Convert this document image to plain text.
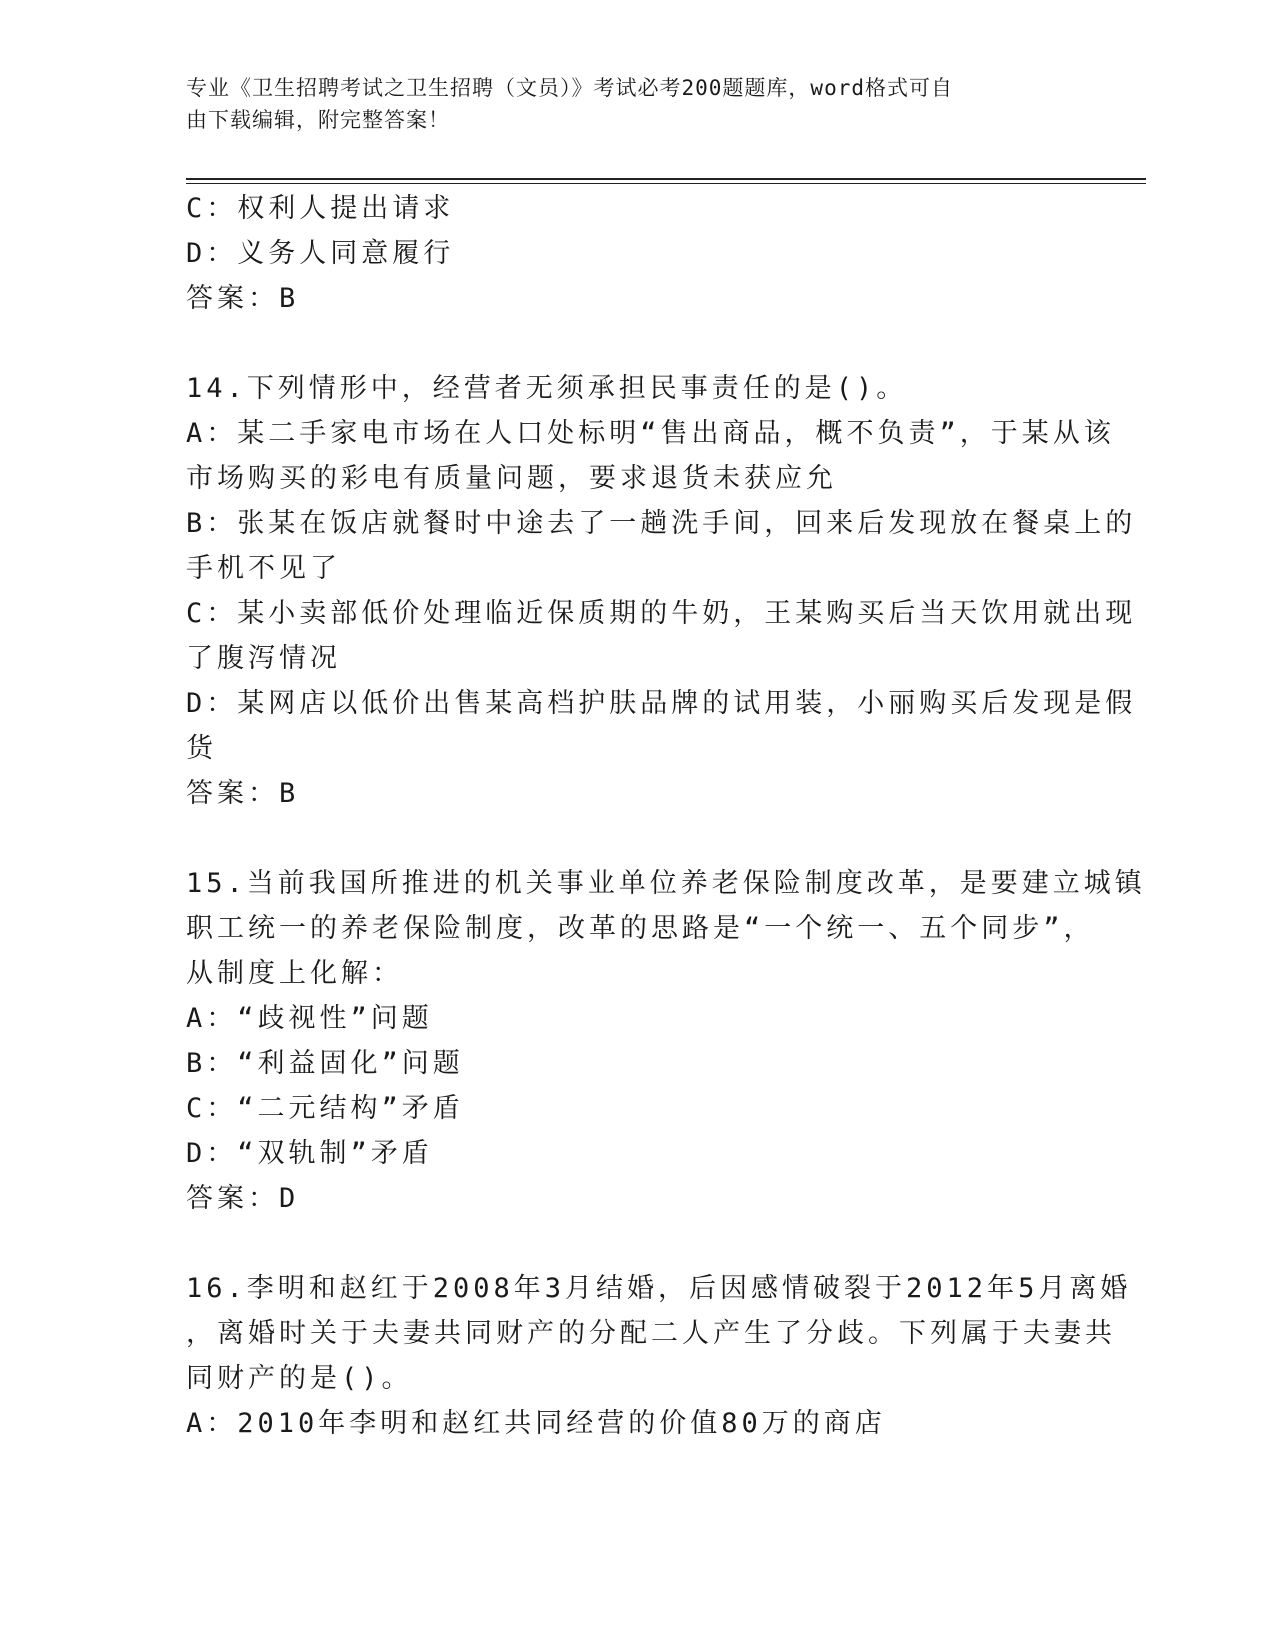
专业《卫生招聘考试之卫生招聘（文员）》考试必考200题题库，word格式可自
由下载编辑，附完整答案！
C：权利人提出请求
D：义务人同意履行
答案：B
14.下列情形中，经营者无须承担民事责任的是()。
A：某二手家电市场在人口处标明“售出商品，概不负责”，于某从该
市场购买的彩电有质量问题，要求退货未获应允
B：张某在饭店就餐时中途去了一趟洗手间，回来后发现放在餐桌上的
手机不见了
C：某小卖部低价处理临近保质期的牛奶，王某购买后当天饮用就出现
了腹泻情况
D：某网店以低价出售某高档护肤品牌的试用装，小丽购买后发现是假
货
答案：B
15.当前我国所推进的机关事业单位养老保险制度改革，是要建立城镇
职工统一的养老保险制度，改革的思路是“一个统一、五个同步”，
从制度上化解：
A：“歧视性”问题
B：“利益固化”问题
C：“二元结构”矛盾
D：“双轨制”矛盾
答案：D
16.李明和赵红于2008年3月结婚，后因感情破裂于2012年5月离婚
，离婚时关于夫妻共同财产的分配二人产生了分歧。下列属于夫妻共
同财产的是()。
A：2010年李明和赵红共同经营的价值80万的商店
